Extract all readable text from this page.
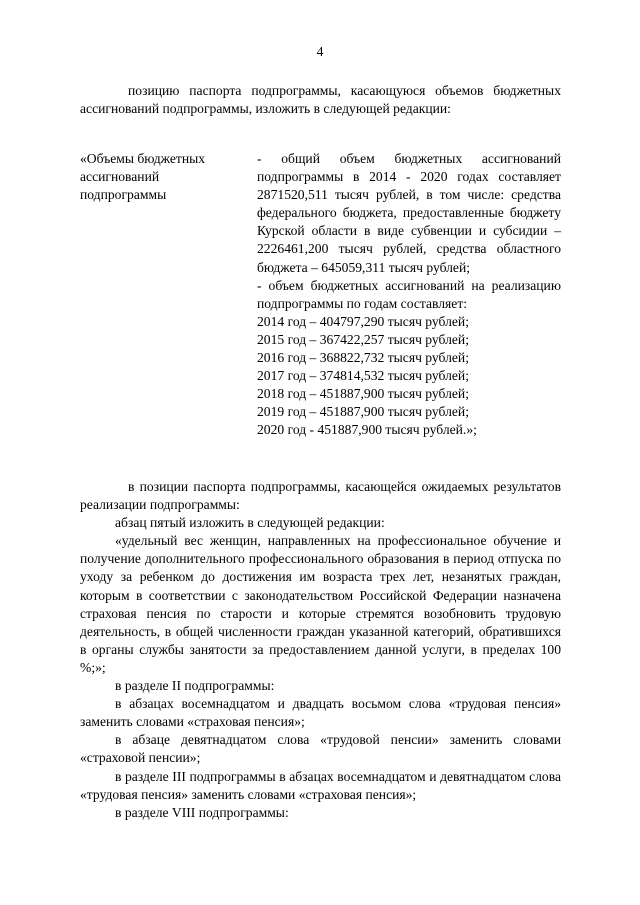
4

позицию паспорта подпрограммы, касающуюся объемов бюджетных ассигнований подпрограммы, изложить в следующей редакции:

«Объемы бюджетных ассигнований подпрограммы

- общий объем бюджетных ассигнований подпрограммы в 2014 - 2020 годах составляет 2871520,511 тысяч рублей, в том числе: средства федерального бюджета, предоставленные бюджету Курской области в виде субвенции и субсидии – 2226461,200 тысяч рублей, средства областного бюджета – 645059,311 тысяч рублей;

- объем бюджетных ассигнований на реализацию подпрограммы по годам составляет:

2014 год – 404797,290 тысяч рублей;

2015 год – 367422,257 тысяч рублей;

2016 год – 368822,732 тысяч рублей;

2017 год – 374814,532 тысяч рублей;

2018 год – 451887,900 тысяч рублей;

2019 год – 451887,900 тысяч рублей;

2020 год - 451887,900 тысяч рублей.»;

в позиции паспорта подпрограммы, касающейся ожидаемых результатов реализации подпрограммы:

абзац пятый изложить в следующей редакции:

«удельный вес женщин, направленных на профессиональное обучение и получение дополнительного профессионального образования в период отпуска по уходу за ребенком до достижения им возраста трех лет, незанятых граждан, которым в соответствии с законодательством Российской Федерации назначена страховая пенсия по старости и которые стремятся возобновить трудовую деятельность, в общей численности граждан указанной категорий, обратившихся в органы службы занятости за предоставлением данной услуги, в пределах 100 %;»;

в разделе II подпрограммы:

в абзацах восемнадцатом и двадцать восьмом слова «трудовая пенсия» заменить словами «страховая пенсия»;

в абзаце девятнадцатом слова «трудовой пенсии» заменить словами «страховой пенсии»;

в разделе III подпрограммы в абзацах восемнадцатом и девятнадцатом слова «трудовая пенсия» заменить словами «страховая пенсия»;

в разделе VIII подпрограммы:
